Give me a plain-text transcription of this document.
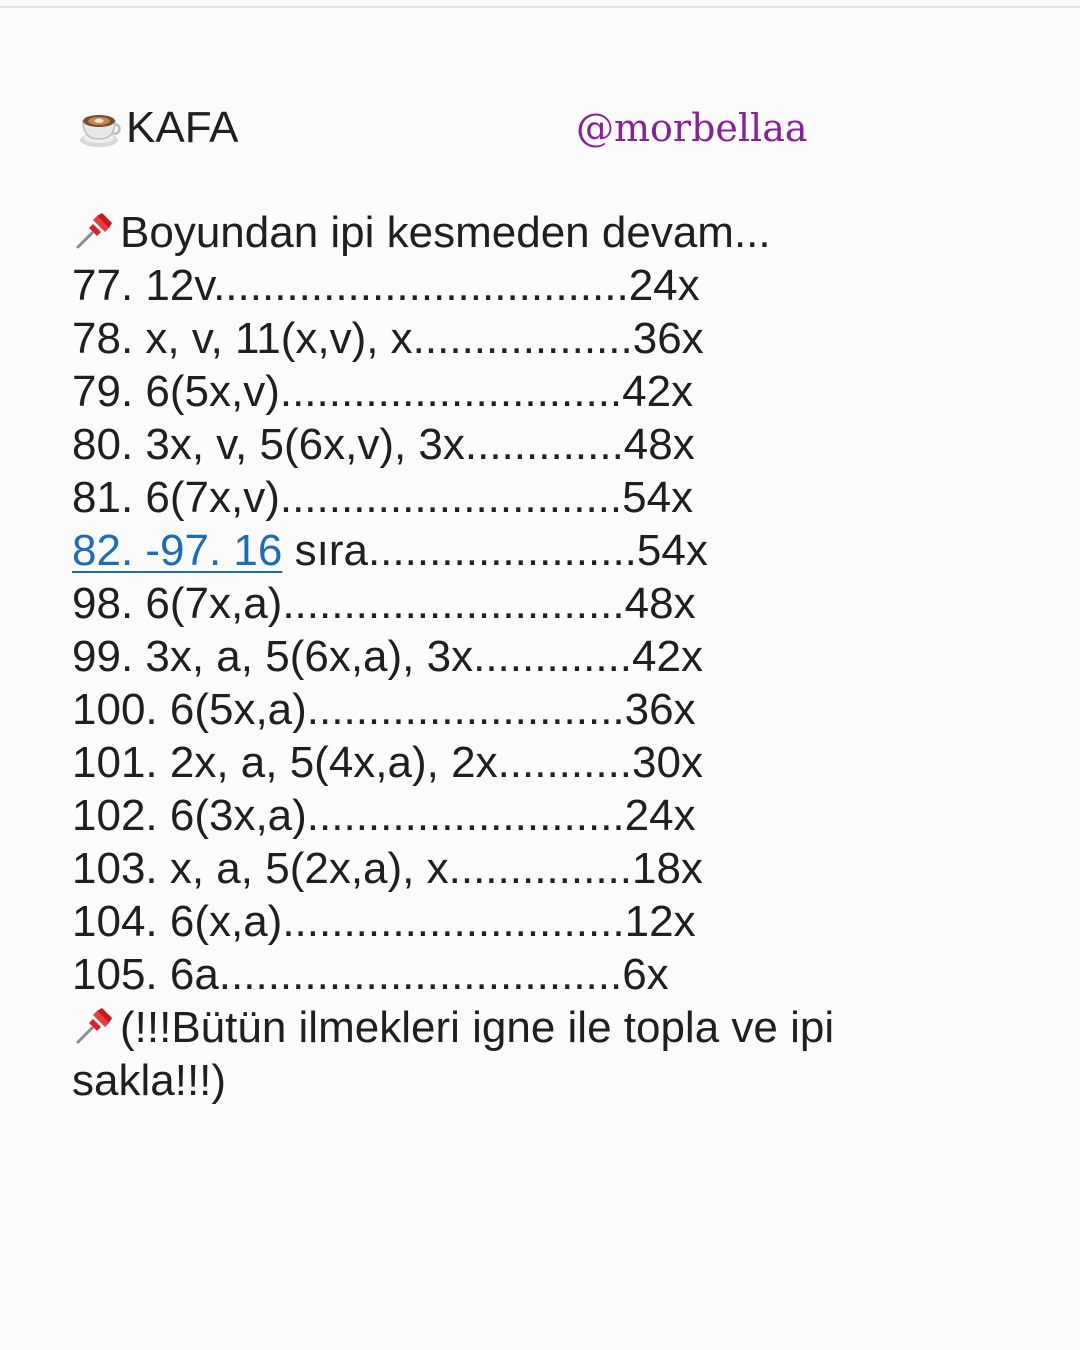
KAFA	@morbellaa
Boyundan ipi kesmeden devam...
77. 12v..................................24x
78. x, v, 11(x,v), x..................36x
79. 6(5x,v)............................42x
80. 3x, v, 5(6x,v), 3x.............48x
81. 6(7x,v)............................54x
82. -97. 16 sıra......................54x
98. 6(7x,a)............................48x
99. 3x, a, 5(6x,a), 3x.............42x
100. 6(5x,a)..........................36x
101. 2x, a, 5(4x,a), 2x...........30x
102. 6(3x,a)..........................24x
103. x, a, 5(2x,a), x...............18x
104. 6(x,a)............................12x
105. 6a.................................6x
(!!!Bütün ilmekleri igne ile topla ve ipi sakla!!!)
